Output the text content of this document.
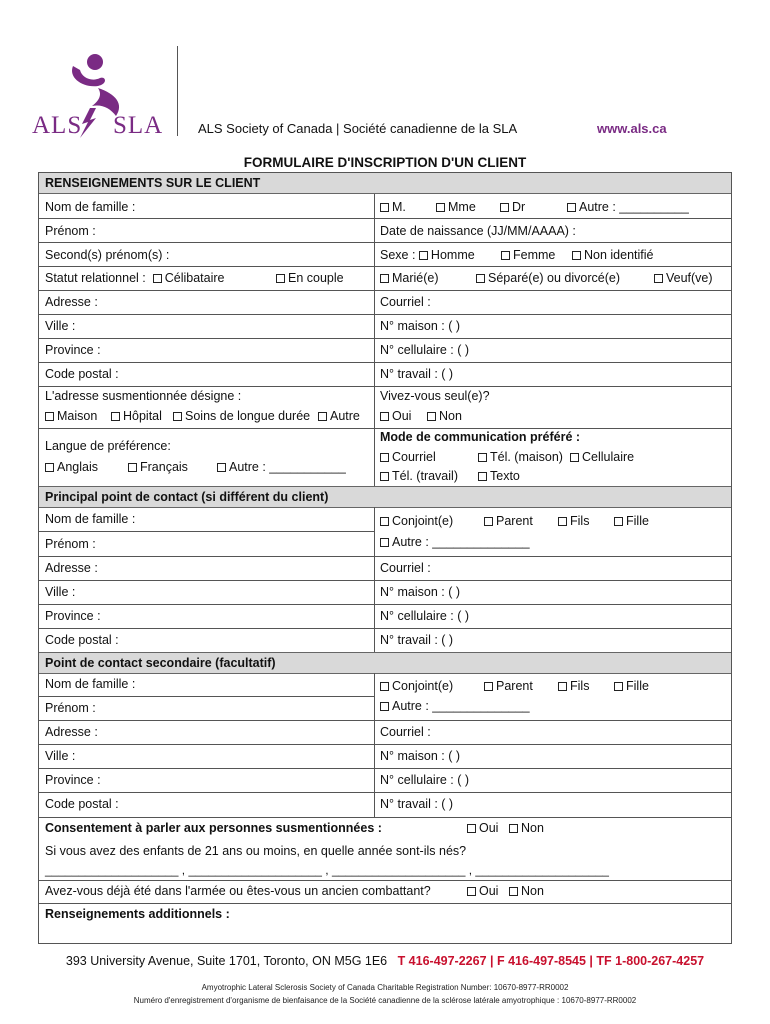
ALS SLA	ALS Society of Canada | Société canadienne de la SLA	www.als.ca
FORMULAIRE D'INSCRIPTION D'UN CLIENT
RENSEIGNEMENTS SUR LE CLIENT
Nom de famille :	M.	Mme	Dr	Autre : __________
Prénom :	Date de naissance (JJ/MM/AAAA) :
Second(s) prénom(s) :	Sexe : Homme	Femme	Non identifié
Statut relationnel : Célibataire	En couple	Marié(e)	Séparé(e) ou divorcé(e)	Veuf(ve)
Adresse :	Courriel :
Ville :	N° maison : ( )
Province :	N° cellulaire : ( )
Code postal :	N° travail : ( )
L'adresse susmentionnée désigne :
Maison	Hôpital	Soins de longue durée	Autre
Vivez-vous seul(e)?
Oui	Non
Langue de préférence:
Anglais	Français	Autre : ___________
Mode de communication préféré :
Courriel	Tél. (maison)	Cellulaire
Tél. (travail)	Texto
Principal point de contact (si différent du client)
Nom de famille :	Conjoint(e)	Parent	Fils	Fille
Prénom :	Autre : ______________
Adresse :	Courriel :
Ville :	N° maison : ( )
Province :	N° cellulaire : ( )
Code postal :	N° travail : ( )
Point de contact secondaire (facultatif)
Nom de famille :	Conjoint(e)	Parent	Fils	Fille
Prénom :	Autre : ______________
Adresse :	Courriel :
Ville :	N° maison : ( )
Province :	N° cellulaire : ( )
Code postal :	N° travail : ( )
Consentement à parler aux personnes susmentionnées :	Oui	Non
Si vous avez des enfants de 21 ans ou moins, en quelle année sont-ils nés?
____________________ , ____________________ , ____________________ , ____________________
Avez-vous déjà été dans l'armée ou êtes-vous un ancien combattant?	Oui	Non
Renseignements additionnels :
393 University Avenue, Suite 1701, Toronto, ON M5G 1E6 T 416-497-2267 | F 416-497-8545 | TF 1-800-267-4257
Amyotrophic Lateral Sclerosis Society of Canada Charitable Registration Number: 10670-8977-RR0002
Numéro d'enregistrement d'organisme de bienfaisance de la Société canadienne de la sclérose latérale amyotrophique : 10670-8977-RR0002
